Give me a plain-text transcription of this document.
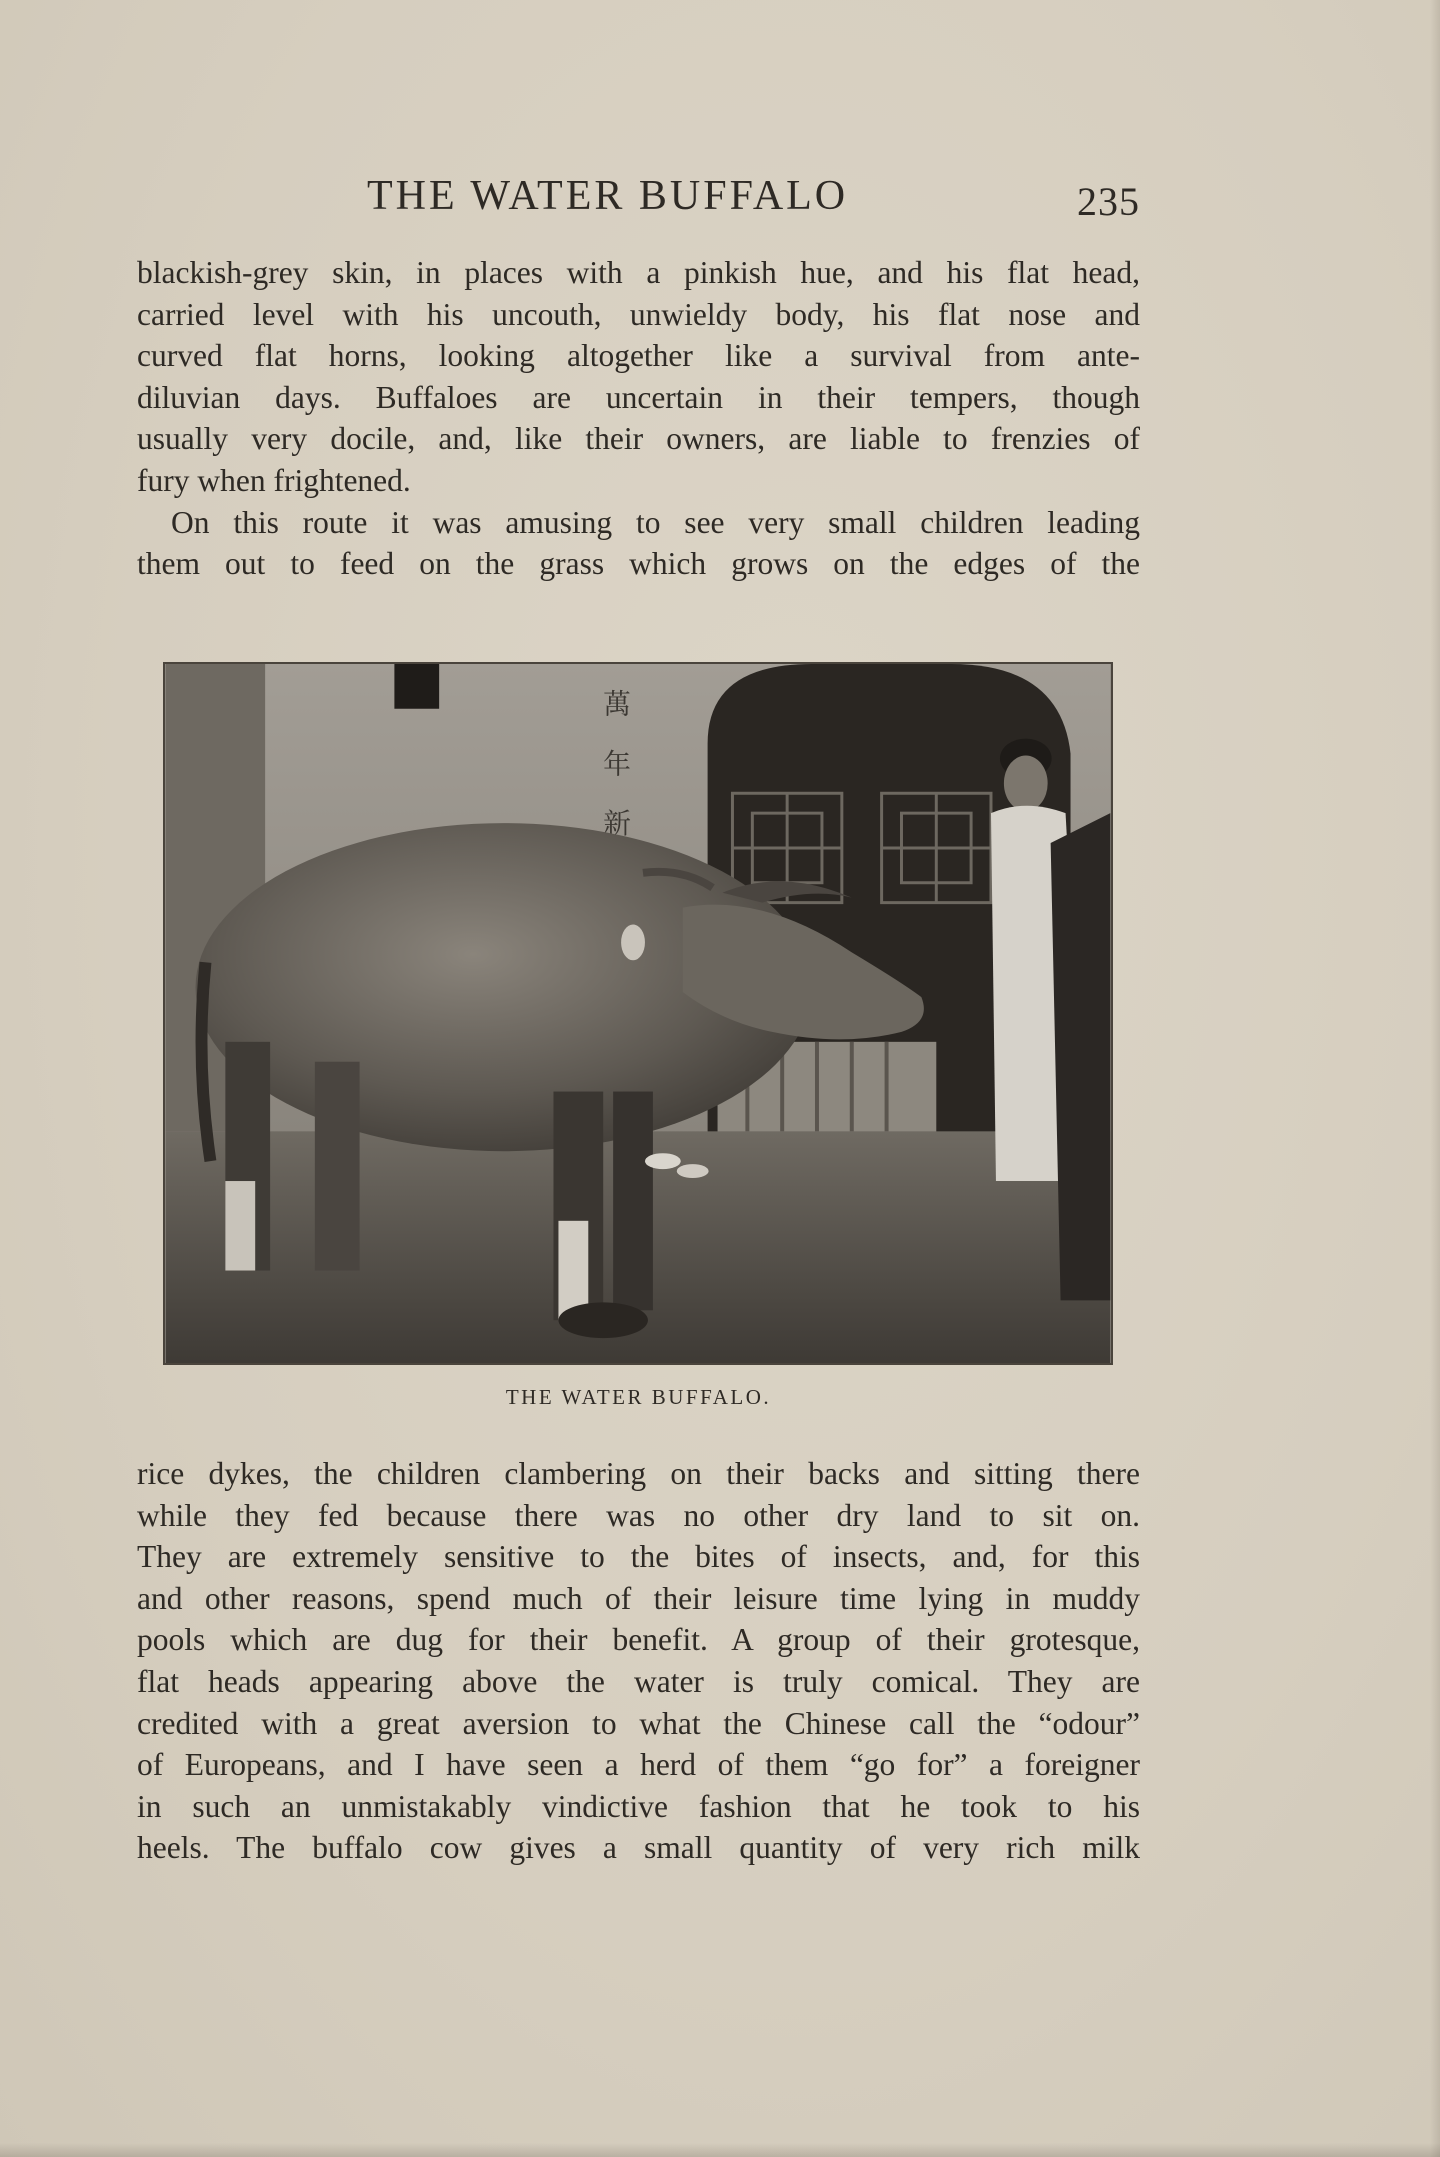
THE WATER BUFFALO	235
blackish-grey skin, in places with a pinkish hue, and his flat head,
carried level with his uncouth, unwieldy body, his flat nose and
curved flat horns, looking altogether like a survival from ante-
diluvian days. Buffaloes are uncertain in their tempers, though
usually very docile, and, like their owners, are liable to frenzies of
fury when frightened.
On this route it was amusing to see very small children leading
them out to feed on the grass which grows on the edges of the
萬
年
新
THE WATER BUFFALO.
rice dykes, the children clambering on their backs and sitting there
while they fed because there was no other dry land to sit on.
They are extremely sensitive to the bites of insects, and, for this
and other reasons, spend much of their leisure time lying in muddy
pools which are dug for their benefit. A group of their grotesque,
flat heads appearing above the water is truly comical. They are
credited with a great aversion to what the Chinese call the “odour”
of Europeans, and I have seen a herd of them “go for” a foreigner
in such an unmistakably vindictive fashion that he took to his
heels. The buffalo cow gives a small quantity of very rich milk
